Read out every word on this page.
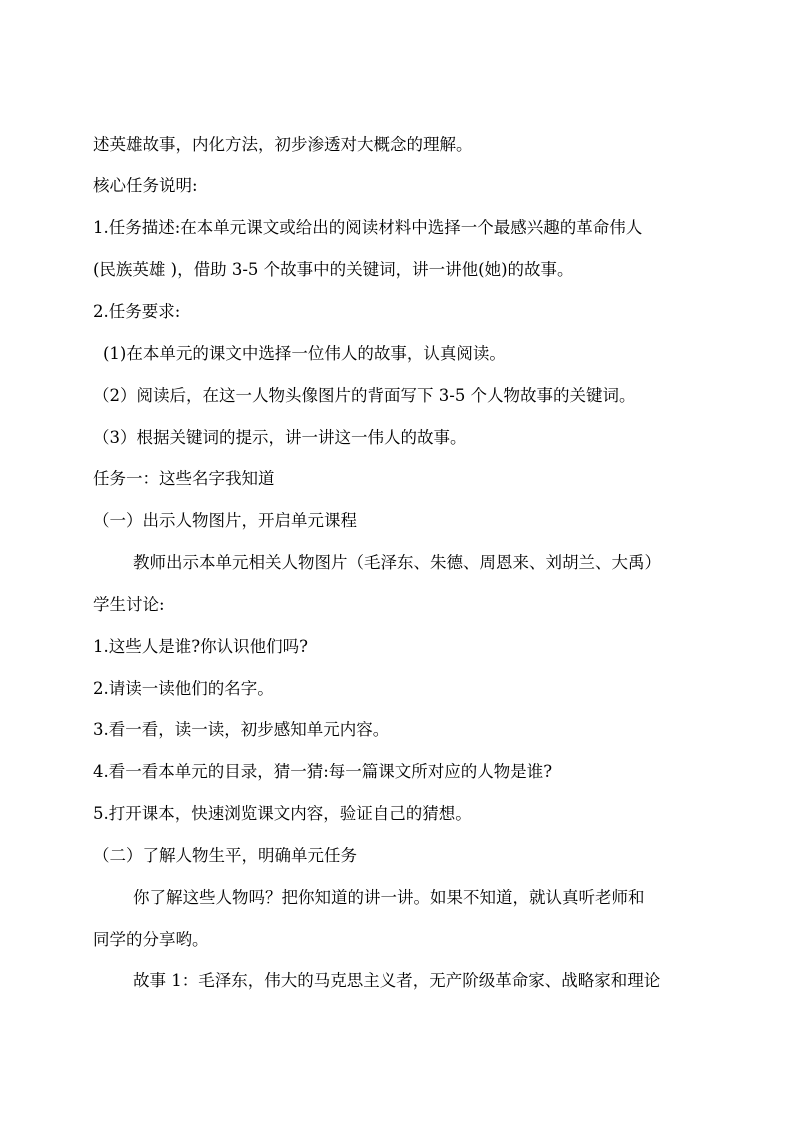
述英雄故事，内化方法，初步渗透对大概念的理解。
核心任务说明:
1.任务描述:在本单元课文或给出的阅读材料中选择一个最感兴趣的革命伟人
(民族英雄 )，借助 3-5 个故事中的关键词，讲一讲他(她)的故事。
2.任务要求:
(1)在本单元的课文中选择一位伟人的故事，认真阅读。
（2）阅读后，在这一人物头像图片的背面写下 3-5 个人物故事的关键词。
（3）根据关键词的提示，讲一讲这一伟人的故事。
任务一：这些名字我知道
（一）出示人物图片，开启单元课程
教师出示本单元相关人物图片（毛泽东、朱德、周恩来、刘胡兰、大禹）
学生讨论:
1.这些人是谁?你认识他们吗?
2.请读一读他们的名字。
3.看一看，读一读，初步感知单元内容。
4.看一看本单元的目录，猜一猜:每一篇课文所对应的人物是谁?
5.打开课本，快速浏览课文内容，验证自己的猜想。
（二）了解人物生平，明确单元任务
你了解这些人物吗？把你知道的讲一讲。如果不知道，就认真听老师和
同学的分享哟。
故事 1：毛泽东，伟大的马克思主义者，无产阶级革命家、战略家和理论
